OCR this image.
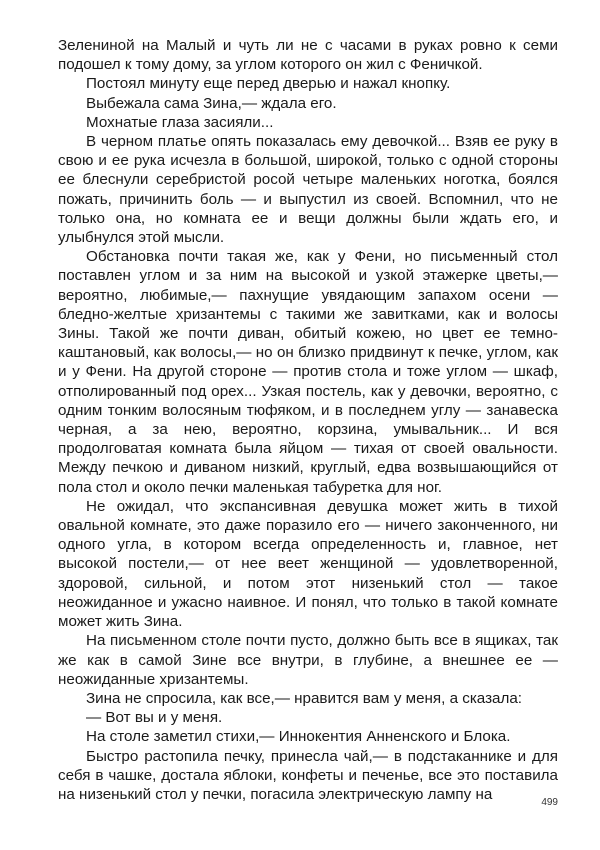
Зелениной на Малый и чуть ли не с часами в руках ровно к семи подошел к тому дому, за углом которого он жил с Феничкой.

Постоял минуту еще перед дверью и нажал кнопку.

Выбежала сама Зина,— ждала его.

Мохнатые глаза засияли...

В черном платье опять показалась ему девочкой... Взяв ее руку в свою и ее рука исчезла в большой, широкой, только с одной стороны ее блеснули серебристой росой четыре маленьких ноготка, боялся пожать, причинить боль — и выпустил из своей. Вспомнил, что не только она, но комната ее и вещи должны были ждать его, и улыбнулся этой мысли.

Обстановка почти такая же, как у Фени, но письменный стол поставлен углом и за ним на высокой и узкой этажерке цветы,— вероятно, любимые,— пахнущие увядающим запахом осени — бледно-желтые хризантемы с такими же завитками, как и волосы Зины. Такой же почти диван, обитый кожею, но цвет ее темно-каштановый, как волосы,— но он близко придвинут к печке, углом, как и у Фени. На другой стороне — против стола и тоже углом — шкаф, отполированный под орех... Узкая постель, как у девочки, вероятно, с одним тонким волосяным тюфяком, и в последнем углу — занавеска черная, а за нею, вероятно, корзина, умывальник... И вся продолговатая комната была яйцом — тихая от своей овальности. Между печкою и диваном низкий, круглый, едва возвышающийся от пола стол и около печки маленькая табуретка для ног.

Не ожидал, что экспансивная девушка может жить в тихой овальной комнате, это даже поразило его — ничего законченного, ни одного угла, в котором всегда определенность и, главное, нет высокой постели,— от нее веет женщиной — удовлетворенной, здоровой, сильной, и потом этот низенький стол — такое неожиданное и ужасно наивное. И понял, что только в такой комнате может жить Зина.

На письменном столе почти пусто, должно быть все в ящиках, так же как в самой Зине все внутри, в глубине, а внешнее ее — неожиданные хризантемы.

Зина не спросила, как все,— нравится вам у меня, а сказала:

— Вот вы и у меня.

На столе заметил стихи,— Иннокентия Анненского и Блока.

Быстро растопила печку, принесла чай,— в подстаканнике и для себя в чашке, достала яблоки, конфеты и печенье, все это поставила на низенький стол у печки, погасила электрическую лампу на	499
